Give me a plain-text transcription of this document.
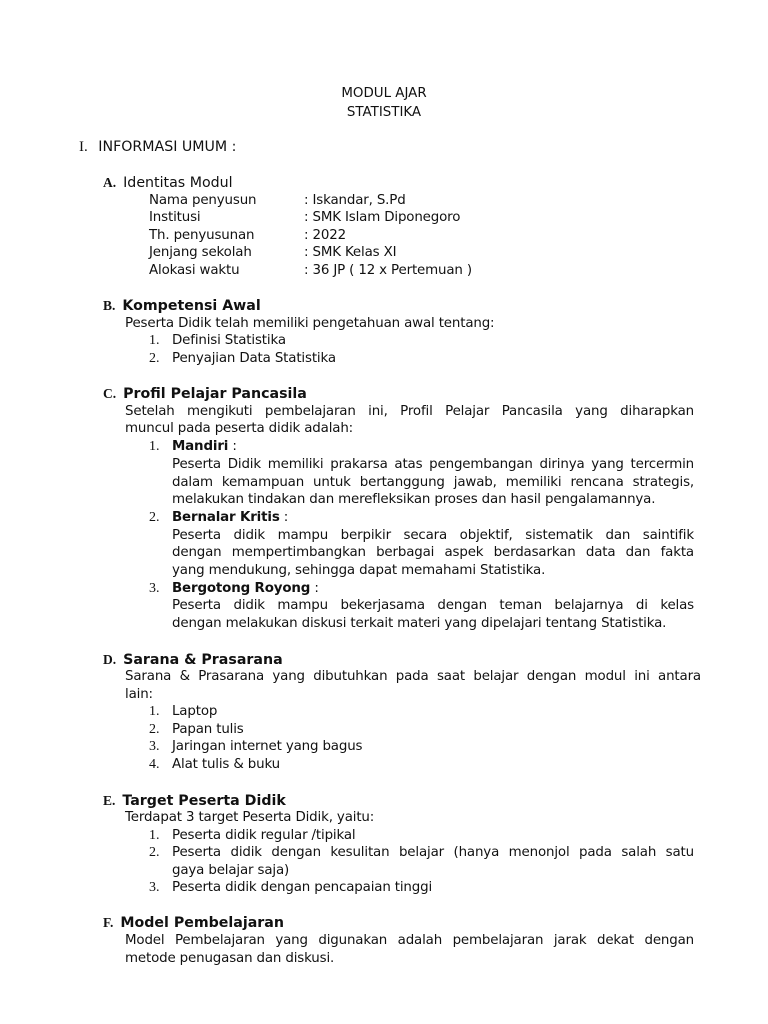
MODUL AJAR
STATISTIKA
I. INFORMASI UMUM :
A. Identitas Modul
Nama penyusun	: Iskandar, S.Pd
Institusi	: SMK Islam Diponegoro
Th. penyusunan	: 2022
Jenjang sekolah	: SMK Kelas XI
Alokasi waktu	: 36 JP ( 12 x Pertemuan )
B. Kompetensi Awal
Peserta Didik telah memiliki pengetahuan awal tentang:
1. Definisi Statistika
2. Penyajian Data Statistika
C. Profil Pelajar Pancasila
Setelah mengikuti pembelajaran ini, Profil Pelajar Pancasila yang diharapkan
muncul pada peserta didik adalah:
1. Mandiri :
Peserta Didik memiliki prakarsa atas pengembangan dirinya yang tercermin
dalam kemampuan untuk bertanggung jawab, memiliki rencana strategis,
melakukan tindakan dan merefleksikan proses dan hasil pengalamannya.
2. Bernalar Kritis :
Peserta didik mampu berpikir secara objektif, sistematik dan saintifik
dengan mempertimbangkan berbagai aspek berdasarkan data dan fakta
yang mendukung, sehingga dapat memahami Statistika.
3. Bergotong Royong :
Peserta didik mampu bekerjasama dengan teman belajarnya di kelas
dengan melakukan diskusi terkait materi yang dipelajari tentang Statistika.
D. Sarana & Prasarana
Sarana & Prasarana yang dibutuhkan pada saat belajar dengan modul ini antara
lain:
1. Laptop
2. Papan tulis
3. Jaringan internet yang bagus
4. Alat tulis & buku
E. Target Peserta Didik
Terdapat 3 target Peserta Didik, yaitu:
1. Peserta didik regular /tipikal
2. Peserta didik dengan kesulitan belajar (hanya menonjol pada salah satu
gaya belajar saja)
3. Peserta didik dengan pencapaian tinggi
F. Model Pembelajaran
Model Pembelajaran yang digunakan adalah pembelajaran jarak dekat dengan
metode penugasan dan diskusi.
